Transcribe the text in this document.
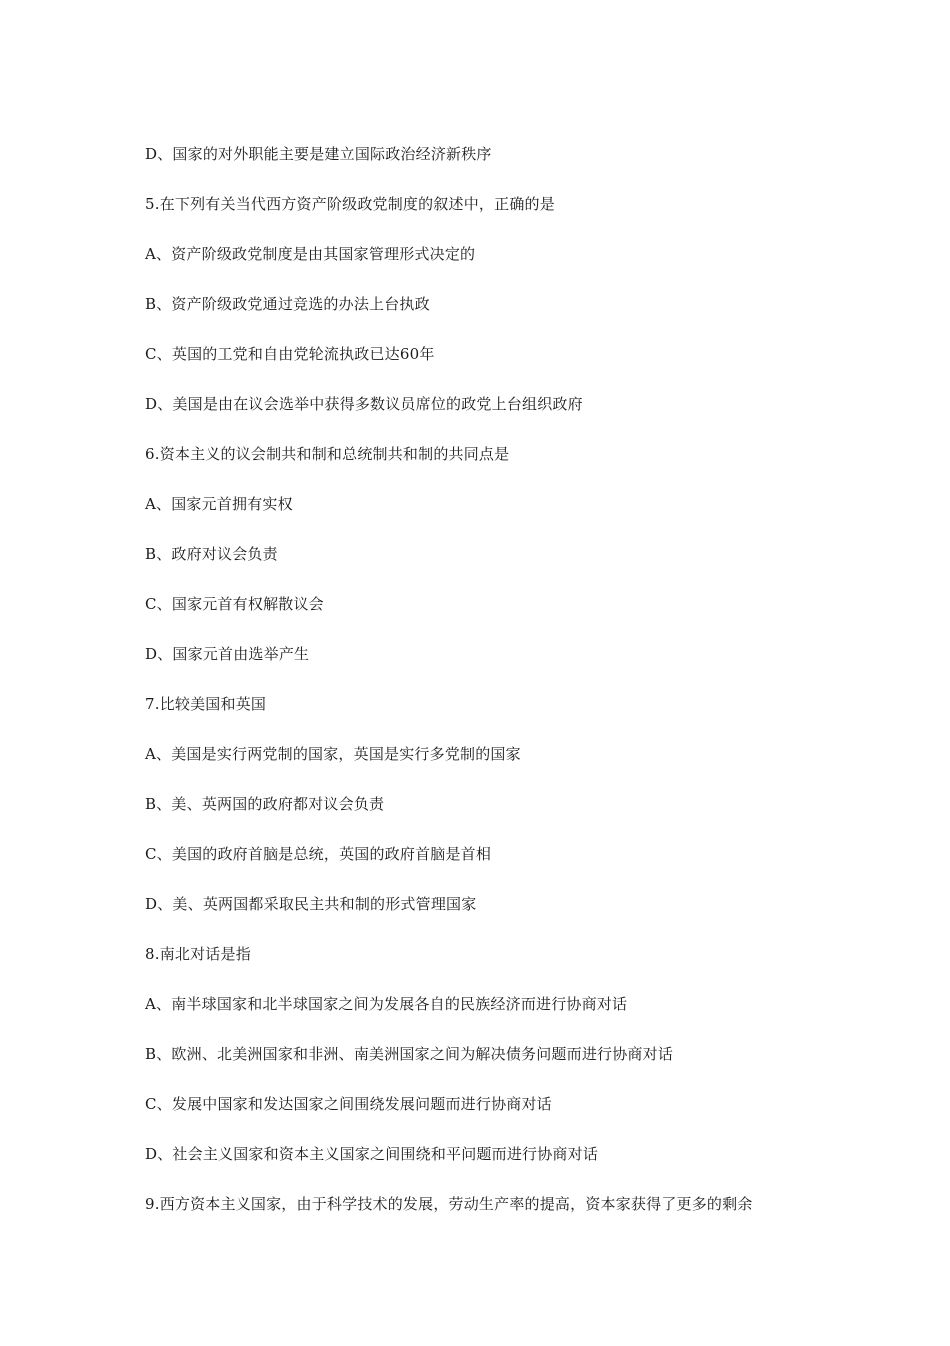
D、国家的对外职能主要是建立国际政治经济新秩序
5.在下列有关当代西方资产阶级政党制度的叙述中，正确的是
A、资产阶级政党制度是由其国家管理形式决定的
B、资产阶级政党通过竞选的办法上台执政
C、英国的工党和自由党轮流执政已达60年
D、美国是由在议会选举中获得多数议员席位的政党上台组织政府
6.资本主义的议会制共和制和总统制共和制的共同点是
A、国家元首拥有实权
B、政府对议会负责
C、国家元首有权解散议会
D、国家元首由选举产生
7.比较美国和英国
A、美国是实行两党制的国家，英国是实行多党制的国家
B、美、英两国的政府都对议会负责
C、美国的政府首脑是总统，英国的政府首脑是首相
D、美、英两国都采取民主共和制的形式管理国家
8.南北对话是指
A、南半球国家和北半球国家之间为发展各自的民族经济而进行协商对话
B、欧洲、北美洲国家和非洲、南美洲国家之间为解决债务问题而进行协商对话
C、发展中国家和发达国家之间围绕发展问题而进行协商对话
D、社会主义国家和资本主义国家之间围绕和平问题而进行协商对话
9.西方资本主义国家，由于科学技术的发展，劳动生产率的提高，资本家获得了更多的剩余
